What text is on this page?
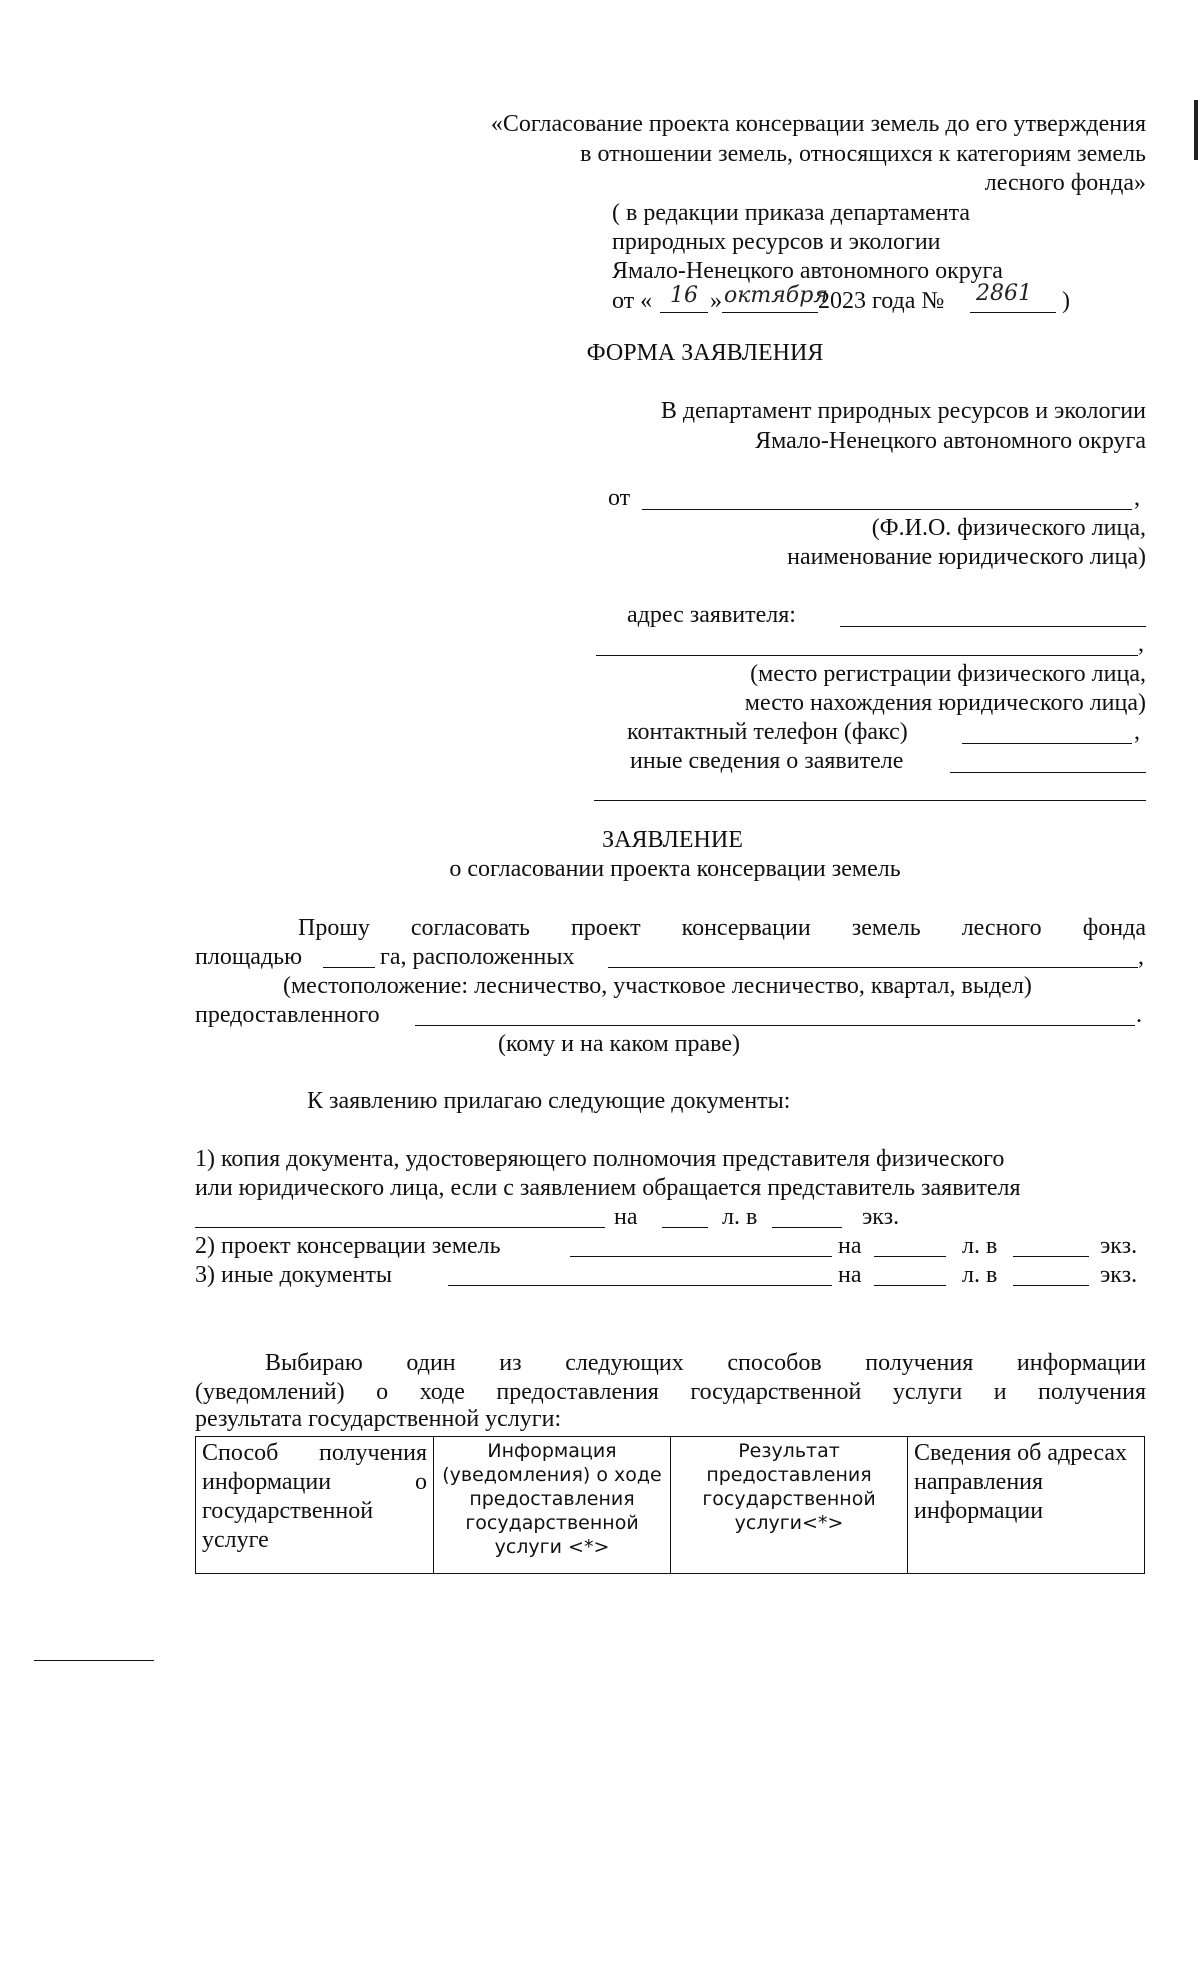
«Согласование проекта консервации земель до его утверждения

в отношении земель, относящихся к категориям земель

лесного фонда»

( в редакции приказа департамента

природных ресурсов и экологии

Ямало-Ненецкого автономного округа

от « 16 » октября

2023 года № 2861 )

ФОРМА ЗАЯВЛЕНИЯ

В департамент природных ресурсов и экологии

Ямало-Ненецкого автономного округа

от	,

(Ф.И.О. физического лица,

наименование юридического лица)

адрес заявителя:

,

(место регистрации физического лица,

место нахождения юридического лица)

контактный телефон (факс)	,

иные сведения о заявителе

ЗАЯВЛЕНИЕ

о согласовании проекта консервации земель

Прошу согласовать проект консервации земель лесного фонда

площадью	га, расположенных	,

(местоположение: лесничество, участковое лесничество, квартал, выдел)

предоставленного	.

(кому и на каком праве)

К заявлению прилагаю следующие документы:

1) копия документа, удостоверяющего полномочия представителя физического

или юридического лица, если с заявлением обращается представитель заявителя

на	л. в	экз.

2) проект консервации земель	на	л. в	экз.

3) иные документы	на	л. в	экз.

Выбираю один из следующих способов получения информации

(уведомлений) о ходе предоставления государственной услуги и получения

результата государственной услуги:

Способ получения информации о государственной услуге	Информация (уведомления) о ходе предоставления государственной услуги <*>	Результат предоставления государственной услуги<*>	Сведения об адресах направления информации
